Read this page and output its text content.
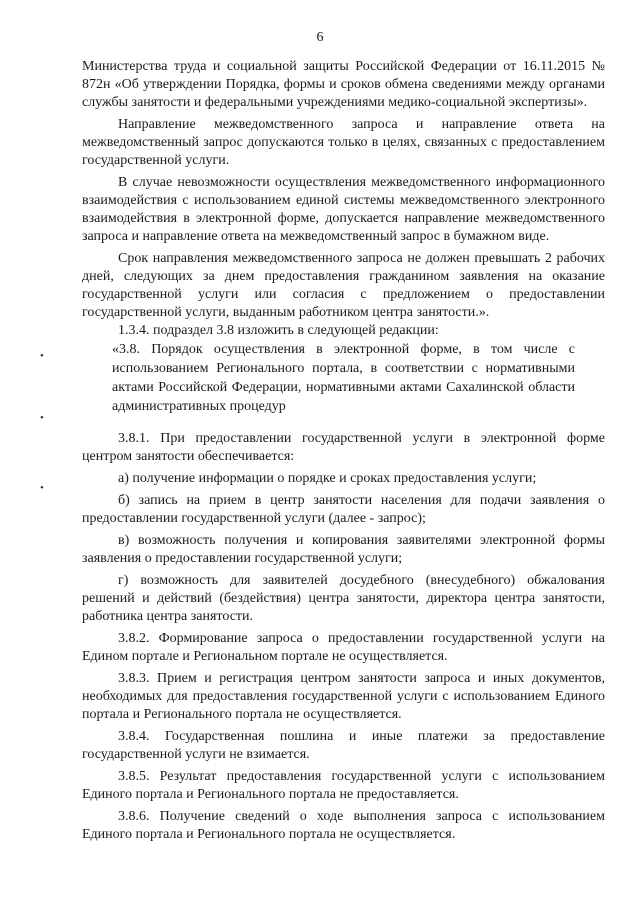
6
•
•
•

Министерства труда и социальной защиты Российской Федерации от 16.11.2015 № 872н «Об утверждении Порядка, формы и сроков обмена сведениями между органами службы занятости и федеральными учреждениями медико-социальной экспертизы».

Направление межведомственного запроса и направление ответа на межведомственный запрос допускаются только в целях, связанных с предоставлением государственной услуги.

В случае невозможности осуществления межведомственного информационного взаимодействия с использованием единой системы межведомственного электронного взаимодействия в электронной форме, допускается направление межведомственного запроса и направление ответа на межведомственный запрос в бумажном виде.

Срок направления межведомственного запроса не должен превышать 2 рабочих дней, следующих за днем предоставления гражданином заявления на оказание государственной услуги или согласия с предложением о предоставлении государственной услуги, выданным работником центра занятости.».

1.3.4. подраздел 3.8 изложить в следующей редакции:

«3.8. Порядок осуществления в электронной форме, в том числе с использованием Регионального портала, в соответствии с нормативными актами Российской Федерации, нормативными актами Сахалинской области административных процедур

3.8.1. При предоставлении государственной услуги в электронной форме центром занятости обеспечивается:

а) получение информации о порядке и сроках предоставления услуги;

б) запись на прием в центр занятости населения для подачи заявления о предоставлении государственной услуги (далее - запрос);

в) возможность получения и копирования заявителями электронной формы заявления о предоставлении государственной услуги;

г) возможность для заявителей досудебного (внесудебного) обжалования решений и действий (бездействия) центра занятости, директора центра занятости, работника центра занятости.

3.8.2. Формирование запроса о предоставлении государственной услуги на Едином портале и Региональном портале не осуществляется.

3.8.3. Прием и регистрация центром занятости запроса и иных документов, необходимых для предоставления государственной услуги с использованием Единого портала и Регионального портала не осуществляется.

3.8.4. Государственная пошлина и иные платежи за предоставление государственной услуги не взимается.

3.8.5. Результат предоставления государственной услуги с использованием Единого портала и Регионального портала не предоставляется.

3.8.6. Получение сведений о ходе выполнения запроса с использованием Единого портала и Регионального портала не осуществляется.
